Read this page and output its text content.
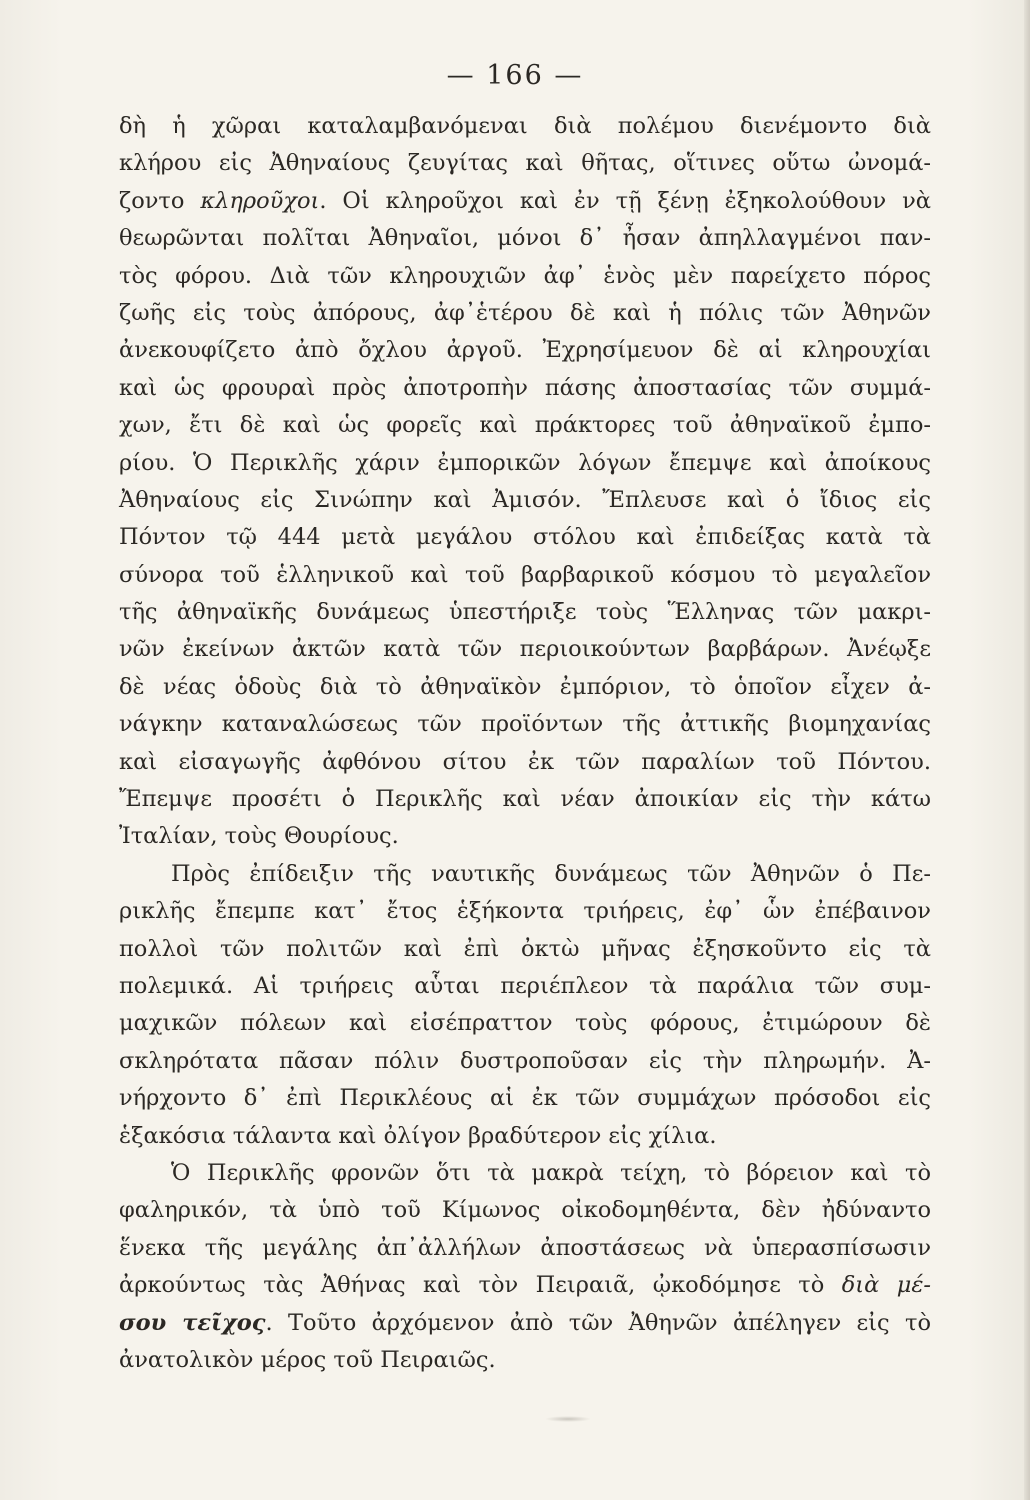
— 166 —
δὴ ἡ χῶραι καταλαμβανόμεναι διὰ πολέμου διενέμοντο διὰ
κλήρου εἰς Ἀθηναίους ζευγίτας καὶ θῆτας, οἵτινες οὕτω ὠνομά-
ζοντο κληροῦχοι. Οἱ κληροῦχοι καὶ ἐν τῇ ξένῃ ἐξηκολούθουν νὰ
θεωρῶνται πολῖται Ἀθηναῖοι, μόνοι δ᾽ ἦσαν ἀπηλλαγμένοι παν-
τὸς φόρου. Διὰ τῶν κληρουχιῶν ἀφ᾽ ἑνὸς μὲν παρείχετο πόρος
ζωῆς εἰς τοὺς ἀπόρους, ἀφ᾽ἑτέρου δὲ καὶ ἡ πόλις τῶν Ἀθηνῶν
ἀνεκουφίζετο ἀπὸ ὄχλου ἀργοῦ. Ἐχρησίμευον δὲ αἱ κληρουχίαι
καὶ ὡς φρουραὶ πρὸς ἀποτροπὴν πάσης ἀποστασίας τῶν συμμά-
χων, ἔτι δὲ καὶ ὡς φορεῖς καὶ πράκτορες τοῦ ἀθηναϊκοῦ ἐμπο-
ρίου. Ὁ Περικλῆς χάριν ἐμπορικῶν λόγων ἔπεμψε καὶ ἀποίκους
Ἀθηναίους εἰς Σινώπην καὶ Ἀμισόν. Ἔπλευσε καὶ ὁ ἴδιος εἰς
Πόντον τῷ 444 μετὰ μεγάλου στόλου καὶ ἐπιδείξας κατὰ τὰ
σύνορα τοῦ ἑλληνικοῦ καὶ τοῦ βαρβαρικοῦ κόσμου τὸ μεγαλεῖον
τῆς ἀθηναϊκῆς δυνάμεως ὑπεστήριξε τοὺς Ἕλληνας τῶν μακρι-
νῶν ἐκείνων ἀκτῶν κατὰ τῶν περιοικούντων βαρβάρων. Ἀνέῳξε
δὲ νέας ὁδοὺς διὰ τὸ ἀθηναϊκὸν ἐμπόριον, τὸ ὁποῖον εἶχεν ἀ-
νάγκην καταναλώσεως τῶν προϊόντων τῆς ἀττικῆς βιομηχανίας
καὶ εἰσαγωγῆς ἀφθόνου σίτου ἐκ τῶν παραλίων τοῦ Πόντου.
Ἔπεμψε προσέτι ὁ Περικλῆς καὶ νέαν ἀποικίαν εἰς τὴν κάτω
Ἰταλίαν, τοὺς Θουρίους.
Πρὸς ἐπίδειξιν τῆς ναυτικῆς δυνάμεως τῶν Ἀθηνῶν ὁ Πε-
ρικλῆς ἔπεμπε κατ᾽ ἔτος ἑξήκοντα τριήρεις, ἐφ᾽ ὧν ἐπέβαινον
πολλοὶ τῶν πολιτῶν καὶ ἐπὶ ὀκτὼ μῆνας ἐξησκοῦντο εἰς τὰ
πολεμικά. Αἱ τριήρεις αὗται περιέπλεον τὰ παράλια τῶν συμ-
μαχικῶν πόλεων καὶ εἰσέπραττον τοὺς φόρους, ἐτιμώρουν δὲ
σκληρότατα πᾶσαν πόλιν δυστροποῦσαν εἰς τὴν πληρωμήν. Ἀ-
νήρχοντο δ᾽ ἐπὶ Περικλέους αἱ ἐκ τῶν συμμάχων πρόσοδοι εἰς
ἑξακόσια τάλαντα καὶ ὀλίγον βραδύτερον εἰς χίλια.
Ὁ Περικλῆς φρονῶν ὅτι τὰ μακρὰ τείχη, τὸ βόρειον καὶ τὸ
φαληρικόν, τὰ ὑπὸ τοῦ Κίμωνος οἰκοδομηθέντα, δὲν ἠδύναντο
ἕνεκα τῆς μεγάλης ἀπ᾽ἀλλήλων ἀποστάσεως νὰ ὑπερασπίσωσιν
ἀρκούντως τὰς Ἀθήνας καὶ τὸν Πειραιᾶ, ᾠκοδόμησε τὸ διὰ μέ-
σου τεῖχος. Τοῦτο ἀρχόμενον ἀπὸ τῶν Ἀθηνῶν ἀπέληγεν εἰς τὸ
ἀνατολικὸν μέρος τοῦ Πειραιῶς.
